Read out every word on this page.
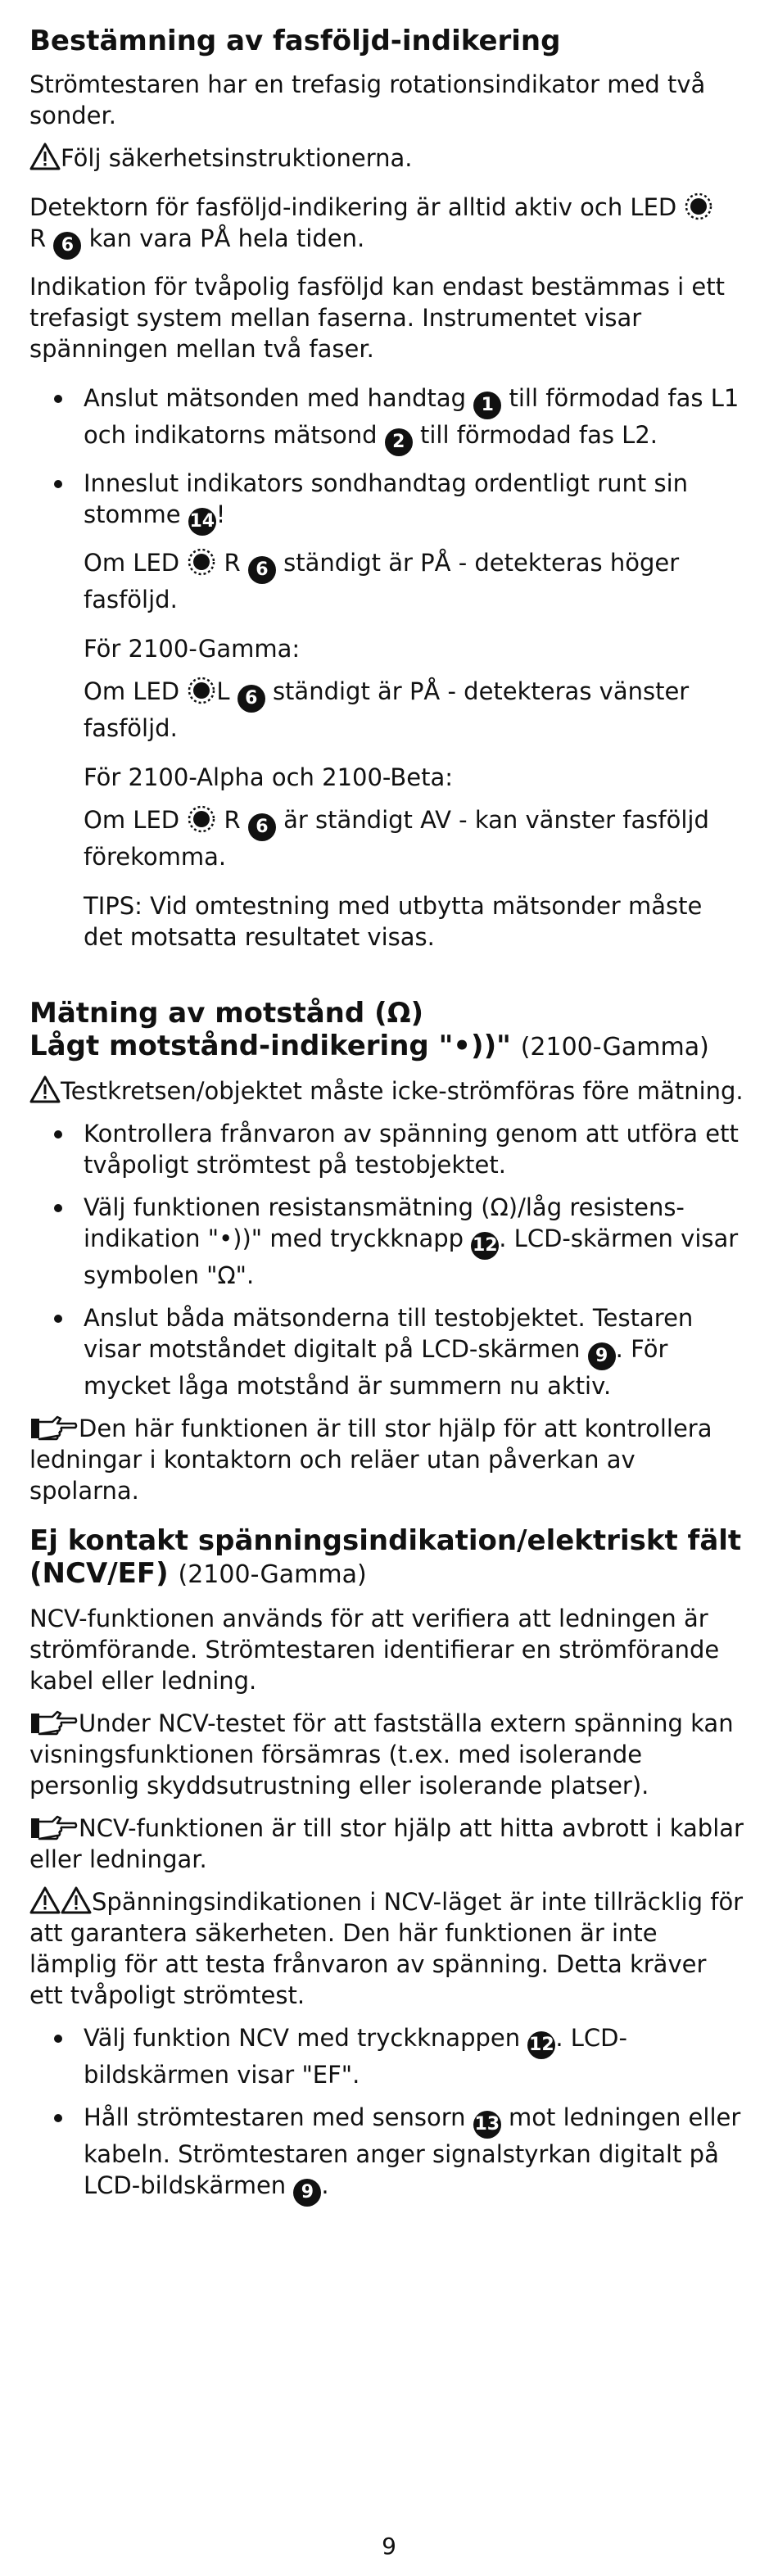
Bestämning av fasföljd-indikering

Strömtestaren har en trefasig rotationsindikator med två sonder.

Följ säkerhetsinstruktionerna.

Detektorn för fasföljd-indikering är alltid aktiv och LED
R 6 kan vara PÅ hela tiden.

Indikation för tvåpolig fasföljd kan endast bestämmas i ett trefasigt system mellan faserna. Instrumentet visar spänningen mellan två faser.

Anslut mätsonden med handtag 1 till förmodad fas L1 och indikatorns mätsond 2 till förmodad fas L2.

Inneslut indikators sondhandtag ordentligt runt sin stomme 14!

Om LED R 6 ständigt är PÅ - detekteras höger fasföljd.

För 2100-Gamma:

Om LED L 6 ständigt är PÅ - detekteras vänster fasföljd.

För 2100-Alpha och 2100-Beta:

Om LED R 6 är ständigt AV - kan vänster fasföljd förekomma.

TIPS: Vid omtestning med utbytta mätsonder måste det motsatta resultatet visas.

Mätning av motstånd (Ω)
Lågt motstånd-indikering "•))" (2100-Gamma)

Testkretsen/objektet måste icke-strömföras före mätning.

Kontrollera frånvaron av spänning genom att utföra ett tvåpoligt strömtest på testobjektet.

Välj funktionen resistansmätning (Ω)/låg resistens-indikation "•))" med tryckknapp 12. LCD-skärmen visar symbolen "Ω".

Anslut båda mätsonderna till testobjektet. Testaren visar motståndet digitalt på LCD-skärmen 9 . För mycket låga motstånd är summern nu aktiv.

Den här funktionen är till stor hjälp för att kontrollera ledningar i kontaktorn och reläer utan påverkan av spolarna.

Ej kontakt spänningsindikation/elektriskt fält (NCV/EF) (2100-Gamma)

NCV-funktionen används för att verifiera att ledningen är strömförande. Strömtestaren identifierar en strömförande kabel eller ledning.

Under NCV-testet för att fastställa extern spänning kan visningsfunktionen försämras (t.ex. med isolerande personlig skyddsutrustning eller isolerande platser).

NCV-funktionen är till stor hjälp att hitta avbrott i kablar eller ledningar.

Spänningsindikationen i NCV-läget är inte tillräcklig för att garantera säkerheten. Den här funktionen är inte lämplig för att testa frånvaron av spänning. Detta kräver ett tvåpoligt strömtest.

Välj funktion NCV med tryckknappen 12. LCD-bildskärmen visar "EF".

Håll strömtestaren med sensorn 13 mot ledningen eller kabeln. Strömtestaren anger signalstyrkan digitalt på LCD-bildskärmen 9 .

9
